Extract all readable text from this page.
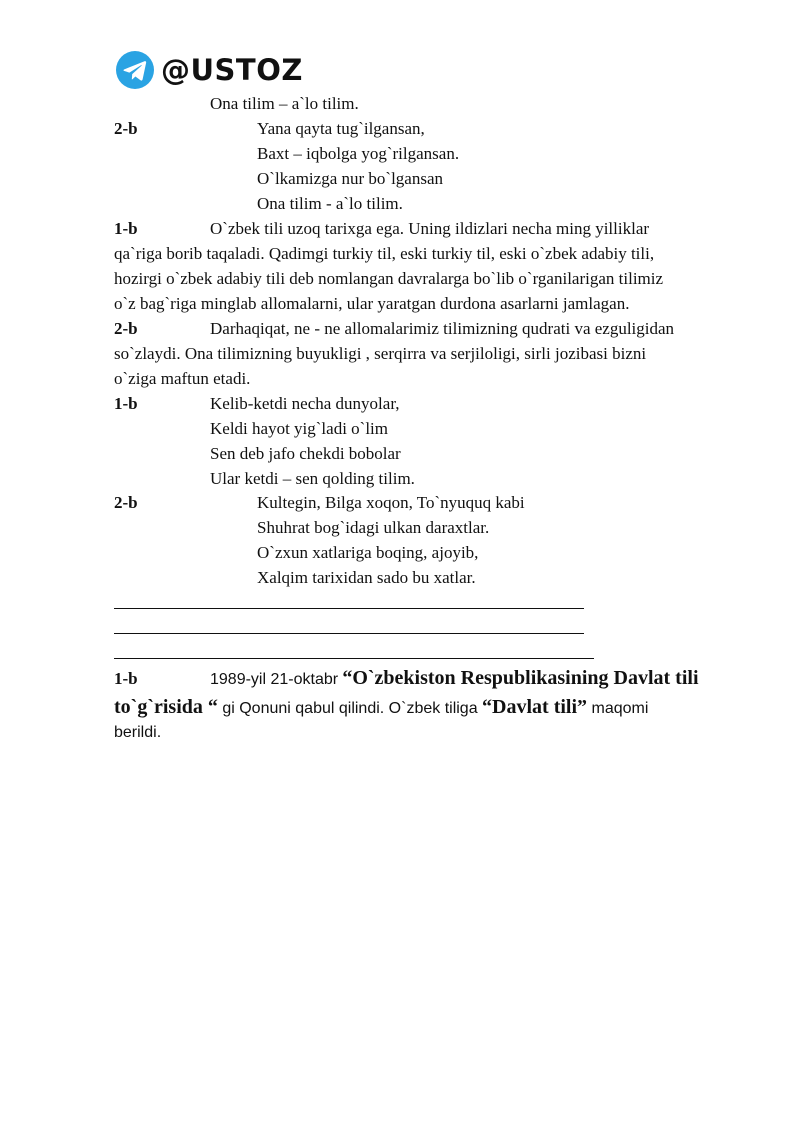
@USTOZ
Ona tilim – a`lo tilim.
2-b	Yana qayta tug`ilgansan,
Baxt – iqbolga yog`rilgansan.
O`lkamizga nur bo`lgansan
Ona tilim - a`lo tilim.
1-b	O`zbek tili uzoq tarixga ega. Uning ildizlari necha ming yilliklar
qa`riga borib taqaladi. Qadimgi turkiy til, eski turkiy til, eski o`zbek adabiy tili,
hozirgi o`zbek adabiy tili deb nomlangan davralarga bo`lib o`rganilarigan tilimiz
o`z bag`riga minglab allomalarni, ular yaratgan durdona asarlarni jamlagan.
2-b	Darhaqiqat, ne - ne allomalarimiz tilimizning qudrati va ezguligidan
so`zlaydi. Ona tilimizning buyukligi , serqirra va serjiloligi, sirli jozibasi bizni
o`ziga maftun etadi.
1-b	Kelib-ketdi necha dunyolar,
Keldi hayot yig`ladi o`lim
Sen deb jafo chekdi bobolar
Ular ketdi – sen qolding tilim.
2-b	Kultegin, Bilga xoqon, To`nyuquq kabi
Shuhrat bog`idagi ulkan daraxtlar.
O`zxun xatlariga boqing, ajoyib,
Xalqim tarixidan sado bu xatlar.
1-b	1989-yil 21-oktabr “O`zbekiston Respublikasining Davlat tili
to`g`risida “ gi Qonuni qabul qilindi. O`zbek tiliga “Davlat tili” maqomi
berildi.
